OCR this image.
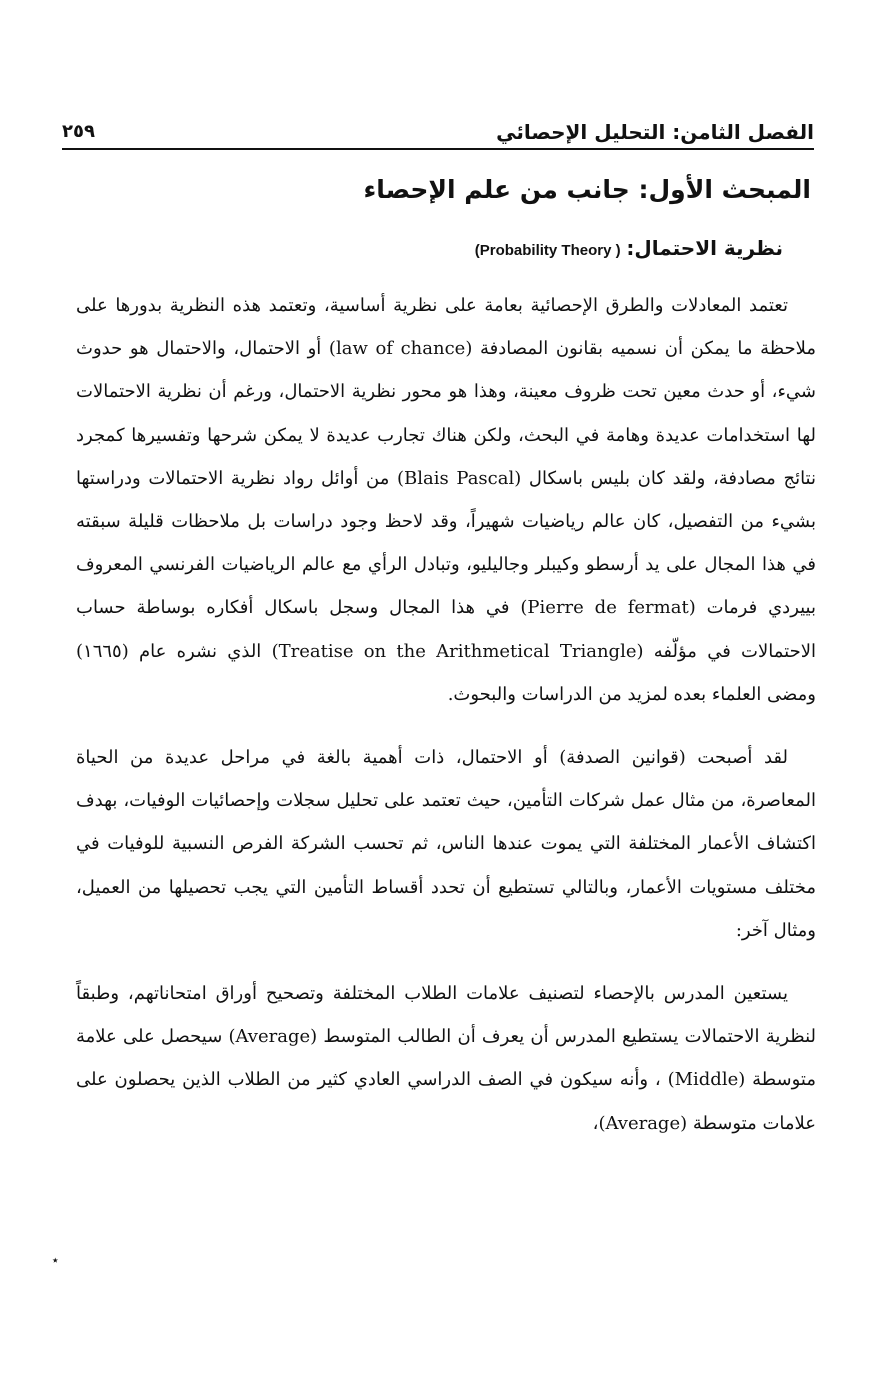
الفصل الثامن: التحليل الإحصائي
٢٥٩
المبحث الأول: جانب من علم الإحصاء
نظرية الاحتمال: ( Probability Theory)

تعتمد المعادلات والطرق الإحصائية بعامة على نظرية أساسية، وتعتمد هذه النظرية بدورها على ملاحظة ما يمكن أن نسميه بقانون المصادفة (law of chance) أو الاحتمال، والاحتمال هو حدوث شيء، أو حدث معين تحت ظروف معينة، وهذا هو محور نظرية الاحتمال، ورغم أن نظرية الاحتمالات لها استخدامات عديدة وهامة في البحث، ولكن هناك تجارب عديدة لا يمكن شرحها وتفسيرها كمجرد نتائج مصادفة، ولقد كان بليس باسكال (Blais Pascal) من أوائل رواد نظرية الاحتمالات ودراستها بشيء من التفصيل، كان عالم رياضيات شهيراً، وقد لاحظ وجود دراسات بل ملاحظات قليلة سبقته في هذا المجال على يد أرسطو وكيبلر وجاليليو، وتبادل الرأي مع عالم الرياضيات الفرنسي المعروف بييردي فرمات (Pierre de fermat) في هذا المجال وسجل باسكال أفكاره بوساطة حساب الاحتمالات في مؤلّفه (Treatise on the Arithmetical Triangle) الذي نشره عام (١٦٦٥) ومضى العلماء بعده لمزيد من الدراسات والبحوث.

لقد أصبحت (قوانين الصدفة) أو الاحتمال، ذات أهمية بالغة في مراحل عديدة من الحياة المعاصرة، من مثال عمل شركات التأمين، حيث تعتمد على تحليل سجلات وإحصائيات الوفيات، بهدف اكتشاف الأعمار المختلفة التي يموت عندها الناس، ثم تحسب الشركة الفرص النسبية للوفيات في مختلف مستويات الأعمار، وبالتالي تستطيع أن تحدد أقساط التأمين التي يجب تحصيلها من العميل، ومثال آخر:

يستعين المدرس بالإحصاء لتصنيف علامات الطلاب المختلفة وتصحيح أوراق امتحاناتهم، وطبقاً لنظرية الاحتمالات يستطيع المدرس أن يعرف أن الطالب المتوسط (Average) سيحصل على علامة متوسطة (Middle) ، وأنه سيكون في الصف الدراسي العادي كثير من الطلاب الذين يحصلون على علامات متوسطة (Average)،

٭
